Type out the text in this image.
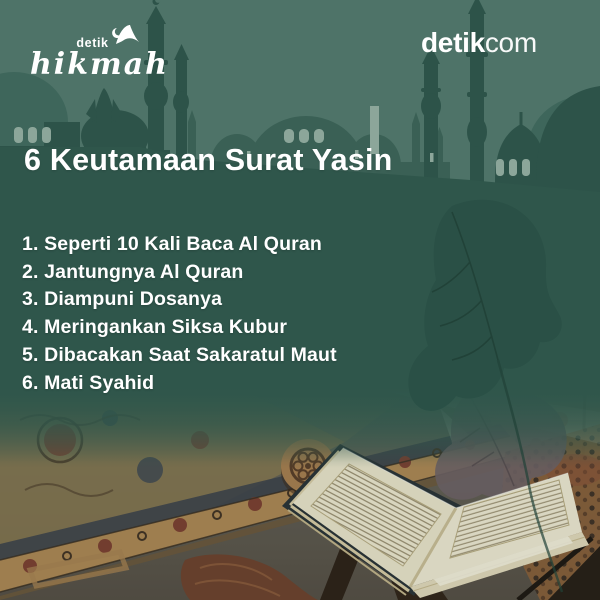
detik
hikmah
detikcom
6 Keutamaan Surat Yasin
1. Seperti 10 Kali Baca Al Quran
2. Jantungnya Al Quran
3. Diampuni Dosanya
4. Meringankan Siksa Kubur
5. Dibacakan Saat Sakaratul Maut
6. Mati Syahid
